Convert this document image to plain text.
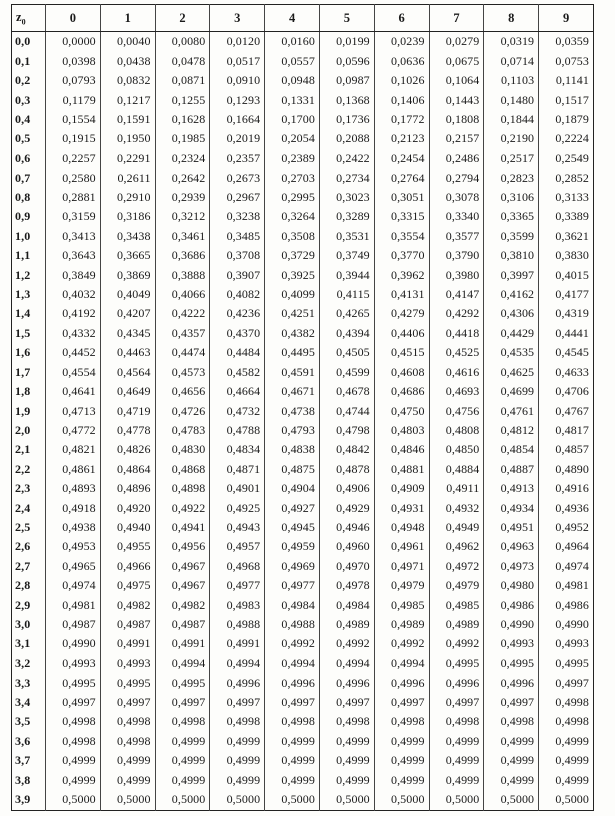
$z_0$	0	1	2	3	4	5	6	7	8	9
0,0	0,0000	0,0040	0,0080	0,0120	0,0160	0,0199	0,0239	0,0279	0,0319	0,0359
0,1	0,0398	0,0438	0,0478	0,0517	0,0557	0,0596	0,0636	0,0675	0,0714	0,0753
0,2	0,0793	0,0832	0,0871	0,0910	0,0948	0,0987	0,1026	0,1064	0,1103	0,1141
0,3	0,1179	0,1217	0,1255	0,1293	0,1331	0,1368	0,1406	0,1443	0,1480	0,1517
0,4	0,1554	0,1591	0,1628	0,1664	0,1700	0,1736	0,1772	0,1808	0,1844	0,1879
0,5	0,1915	0,1950	0,1985	0,2019	0,2054	0,2088	0,2123	0,2157	0,2190	0,2224
0,6	0,2257	0,2291	0,2324	0,2357	0,2389	0,2422	0,2454	0,2486	0,2517	0,2549
0,7	0,2580	0,2611	0,2642	0,2673	0,2703	0,2734	0,2764	0,2794	0,2823	0,2852
0,8	0,2881	0,2910	0,2939	0,2967	0,2995	0,3023	0,3051	0,3078	0,3106	0,3133
0,9	0,3159	0,3186	0,3212	0,3238	0,3264	0,3289	0,3315	0,3340	0,3365	0,3389
1,0	0,3413	0,3438	0,3461	0,3485	0,3508	0,3531	0,3554	0,3577	0,3599	0,3621
1,1	0,3643	0,3665	0,3686	0,3708	0,3729	0,3749	0,3770	0,3790	0,3810	0,3830
1,2	0,3849	0,3869	0,3888	0,3907	0,3925	0,3944	0,3962	0,3980	0,3997	0,4015
1,3	0,4032	0,4049	0,4066	0,4082	0,4099	0,4115	0,4131	0,4147	0,4162	0,4177
1,4	0,4192	0,4207	0,4222	0,4236	0,4251	0,4265	0,4279	0,4292	0,4306	0,4319
1,5	0,4332	0,4345	0,4357	0,4370	0,4382	0,4394	0,4406	0,4418	0,4429	0,4441
1,6	0,4452	0,4463	0,4474	0,4484	0,4495	0,4505	0,4515	0,4525	0,4535	0,4545
1,7	0,4554	0,4564	0,4573	0,4582	0,4591	0,4599	0,4608	0,4616	0,4625	0,4633
1,8	0,4641	0,4649	0,4656	0,4664	0,4671	0,4678	0,4686	0,4693	0,4699	0,4706
1,9	0,4713	0,4719	0,4726	0,4732	0,4738	0,4744	0,4750	0,4756	0,4761	0,4767
2,0	0,4772	0,4778	0,4783	0,4788	0,4793	0,4798	0,4803	0,4808	0,4812	0,4817
2,1	0,4821	0,4826	0,4830	0,4834	0,4838	0,4842	0,4846	0,4850	0,4854	0,4857
2,2	0,4861	0,4864	0,4868	0,4871	0,4875	0,4878	0,4881	0,4884	0,4887	0,4890
2,3	0,4893	0,4896	0,4898	0,4901	0,4904	0,4906	0,4909	0,4911	0,4913	0,4916
2,4	0,4918	0,4920	0,4922	0,4925	0,4927	0,4929	0,4931	0,4932	0,4934	0,4936
2,5	0,4938	0,4940	0,4941	0,4943	0,4945	0,4946	0,4948	0,4949	0,4951	0,4952
2,6	0,4953	0,4955	0,4956	0,4957	0,4959	0,4960	0,4961	0,4962	0,4963	0,4964
2,7	0,4965	0,4966	0,4967	0,4968	0,4969	0,4970	0,4971	0,4972	0,4973	0,4974
2,8	0,4974	0,4975	0,4967	0,4977	0,4977	0,4978	0,4979	0,4979	0,4980	0,4981
2,9	0,4981	0,4982	0,4982	0,4983	0,4984	0,4984	0,4985	0,4985	0,4986	0,4986
3,0	0,4987	0,4987	0,4987	0,4988	0,4988	0,4989	0,4989	0,4989	0,4990	0,4990
3,1	0,4990	0,4991	0,4991	0,4991	0,4992	0,4992	0,4992	0,4992	0,4993	0,4993
3,2	0,4993	0,4993	0,4994	0,4994	0,4994	0,4994	0,4994	0,4995	0,4995	0,4995
3,3	0,4995	0,4995	0,4995	0,4996	0,4996	0,4996	0,4996	0,4996	0,4996	0,4997
3,4	0,4997	0,4997	0,4997	0,4997	0,4997	0,4997	0,4997	0,4997	0,4997	0,4998
3,5	0,4998	0,4998	0,4998	0,4998	0,4998	0,4998	0,4998	0,4998	0,4998	0,4998
3,6	0,4998	0,4998	0,4999	0,4999	0,4999	0,4999	0,4999	0,4999	0,4999	0,4999
3,7	0,4999	0,4999	0,4999	0,4999	0,4999	0,4999	0,4999	0,4999	0,4999	0,4999
3,8	0,4999	0,4999	0,4999	0,4999	0,4999	0,4999	0,4999	0,4999	0,4999	0,4999
3,9	0,5000	0,5000	0,5000	0,5000	0,5000	0,5000	0,5000	0,5000	0,5000	0,5000
